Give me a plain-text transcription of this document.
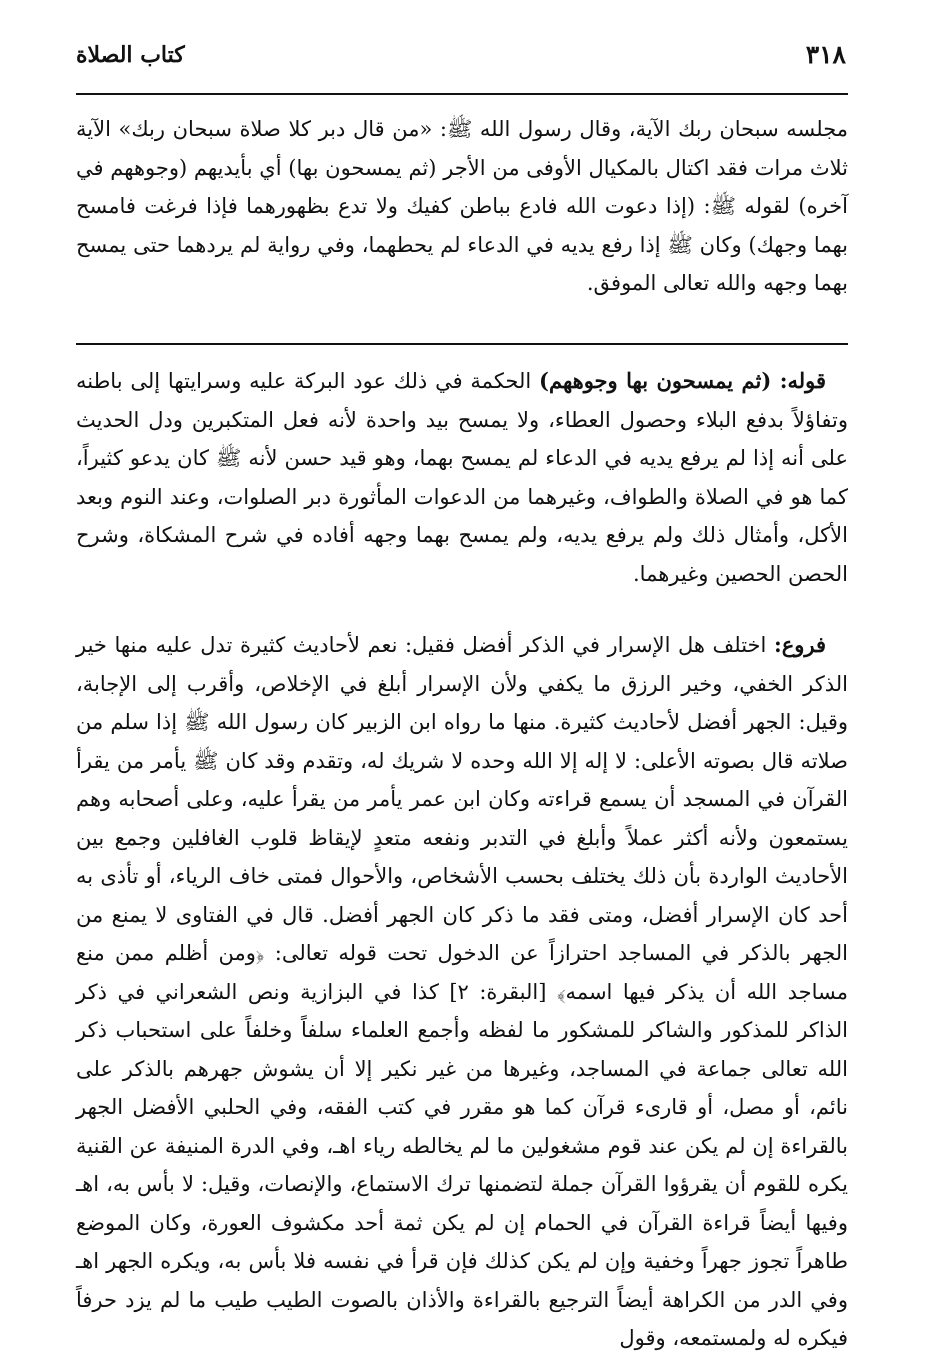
٣١٨
كتاب الصلاة

مجلسه سبحان ربك الآية، وقال رسول الله ﷺ: «من قال دبر كلا صلاة سبحان ربك» الآية ثلاث مرات فقد اكتال بالمكيال الأوفى من الأجر (ثم يمسحون بها) أي بأيديهم (وجوههم في آخره) لقوله ﷺ: (إذا دعوت الله فادع بباطن كفيك ولا تدع بظهورهما فإذا فرغت فامسح بهما وجهك) وكان ﷺ إذا رفع يديه في الدعاء لم يحطهما، وفي رواية لم يردهما حتى يمسح بهما وجهه والله تعالى الموفق.

قوله: (ثم يمسحون بها وجوههم) الحكمة في ذلك عود البركة عليه وسرايتها إلى باطنه وتفاؤلاً بدفع البلاء وحصول العطاء، ولا يمسح بيد واحدة لأنه فعل المتكبرين ودل الحديث على أنه إذا لم يرفع يديه في الدعاء لم يمسح بهما، وهو قيد حسن لأنه ﷺ كان يدعو كثيراً، كما هو في الصلاة والطواف، وغيرهما من الدعوات المأثورة دبر الصلوات، وعند النوم وبعد الأكل، وأمثال ذلك ولم يرفع يديه، ولم يمسح بهما وجهه أفاده في شرح المشكاة، وشرح الحصن الحصين وغيرهما.

فروع: اختلف هل الإسرار في الذكر أفضل فقيل: نعم لأحاديث كثيرة تدل عليه منها خير الذكر الخفي، وخير الرزق ما يكفي ولأن الإسرار أبلغ في الإخلاص، وأقرب إلى الإجابة، وقيل: الجهر أفضل لأحاديث كثيرة. منها ما رواه ابن الزبير كان رسول الله ﷺ إذا سلم من صلاته قال بصوته الأعلى: لا إله إلا الله وحده لا شريك له، وتقدم وقد كان ﷺ يأمر من يقرأ القرآن في المسجد أن يسمع قراءته وكان ابن عمر يأمر من يقرأ عليه، وعلى أصحابه وهم يستمعون ولأنه أكثر عملاً وأبلغ في التدبر ونفعه متعدٍ لإيقاظ قلوب الغافلين وجمع بين الأحاديث الواردة بأن ذلك يختلف بحسب الأشخاص، والأحوال فمتى خاف الرياء، أو تأذى به أحد كان الإسرار أفضل، ومتى فقد ما ذكر كان الجهر أفضل. قال في الفتاوى لا يمنع من الجهر بالذكر في المساجد احترازاً عن الدخول تحت قوله تعالى: ﴿ومن أظلم ممن منع مساجد الله أن يذكر فيها اسمه﴾ [البقرة: ٢] كذا في البزازية ونص الشعراني في ذكر الذاكر للمذكور والشاكر للمشكور ما لفظه وأجمع العلماء سلفاً وخلفاً على استحباب ذكر الله تعالى جماعة في المساجد، وغيرها من غير نكير إلا أن يشوش جهرهم بالذكر على نائم، أو مصل، أو قارىء قرآن كما هو مقرر في كتب الفقه، وفي الحلبي الأفضل الجهر بالقراءة إن لم يكن عند قوم مشغولين ما لم يخالطه رياء اهـ، وفي الدرة المنيفة عن القنية يكره للقوم أن يقرؤوا القرآن جملة لتضمنها ترك الاستماع، والإنصات، وقيل: لا بأس به، اهـ وفيها أيضاً قراءة القرآن في الحمام إن لم يكن ثمة أحد مكشوف العورة، وكان الموضع طاهراً تجوز جهراً وخفية وإن لم يكن كذلك فإن قرأ في نفسه فلا بأس به، ويكره الجهر اهـ وفي الدر من الكراهة أيضاً الترجيع بالقراءة والأذان بالصوت الطيب طيب ما لم يزد حرفاً فيكره له ولمستمعه، وقول
